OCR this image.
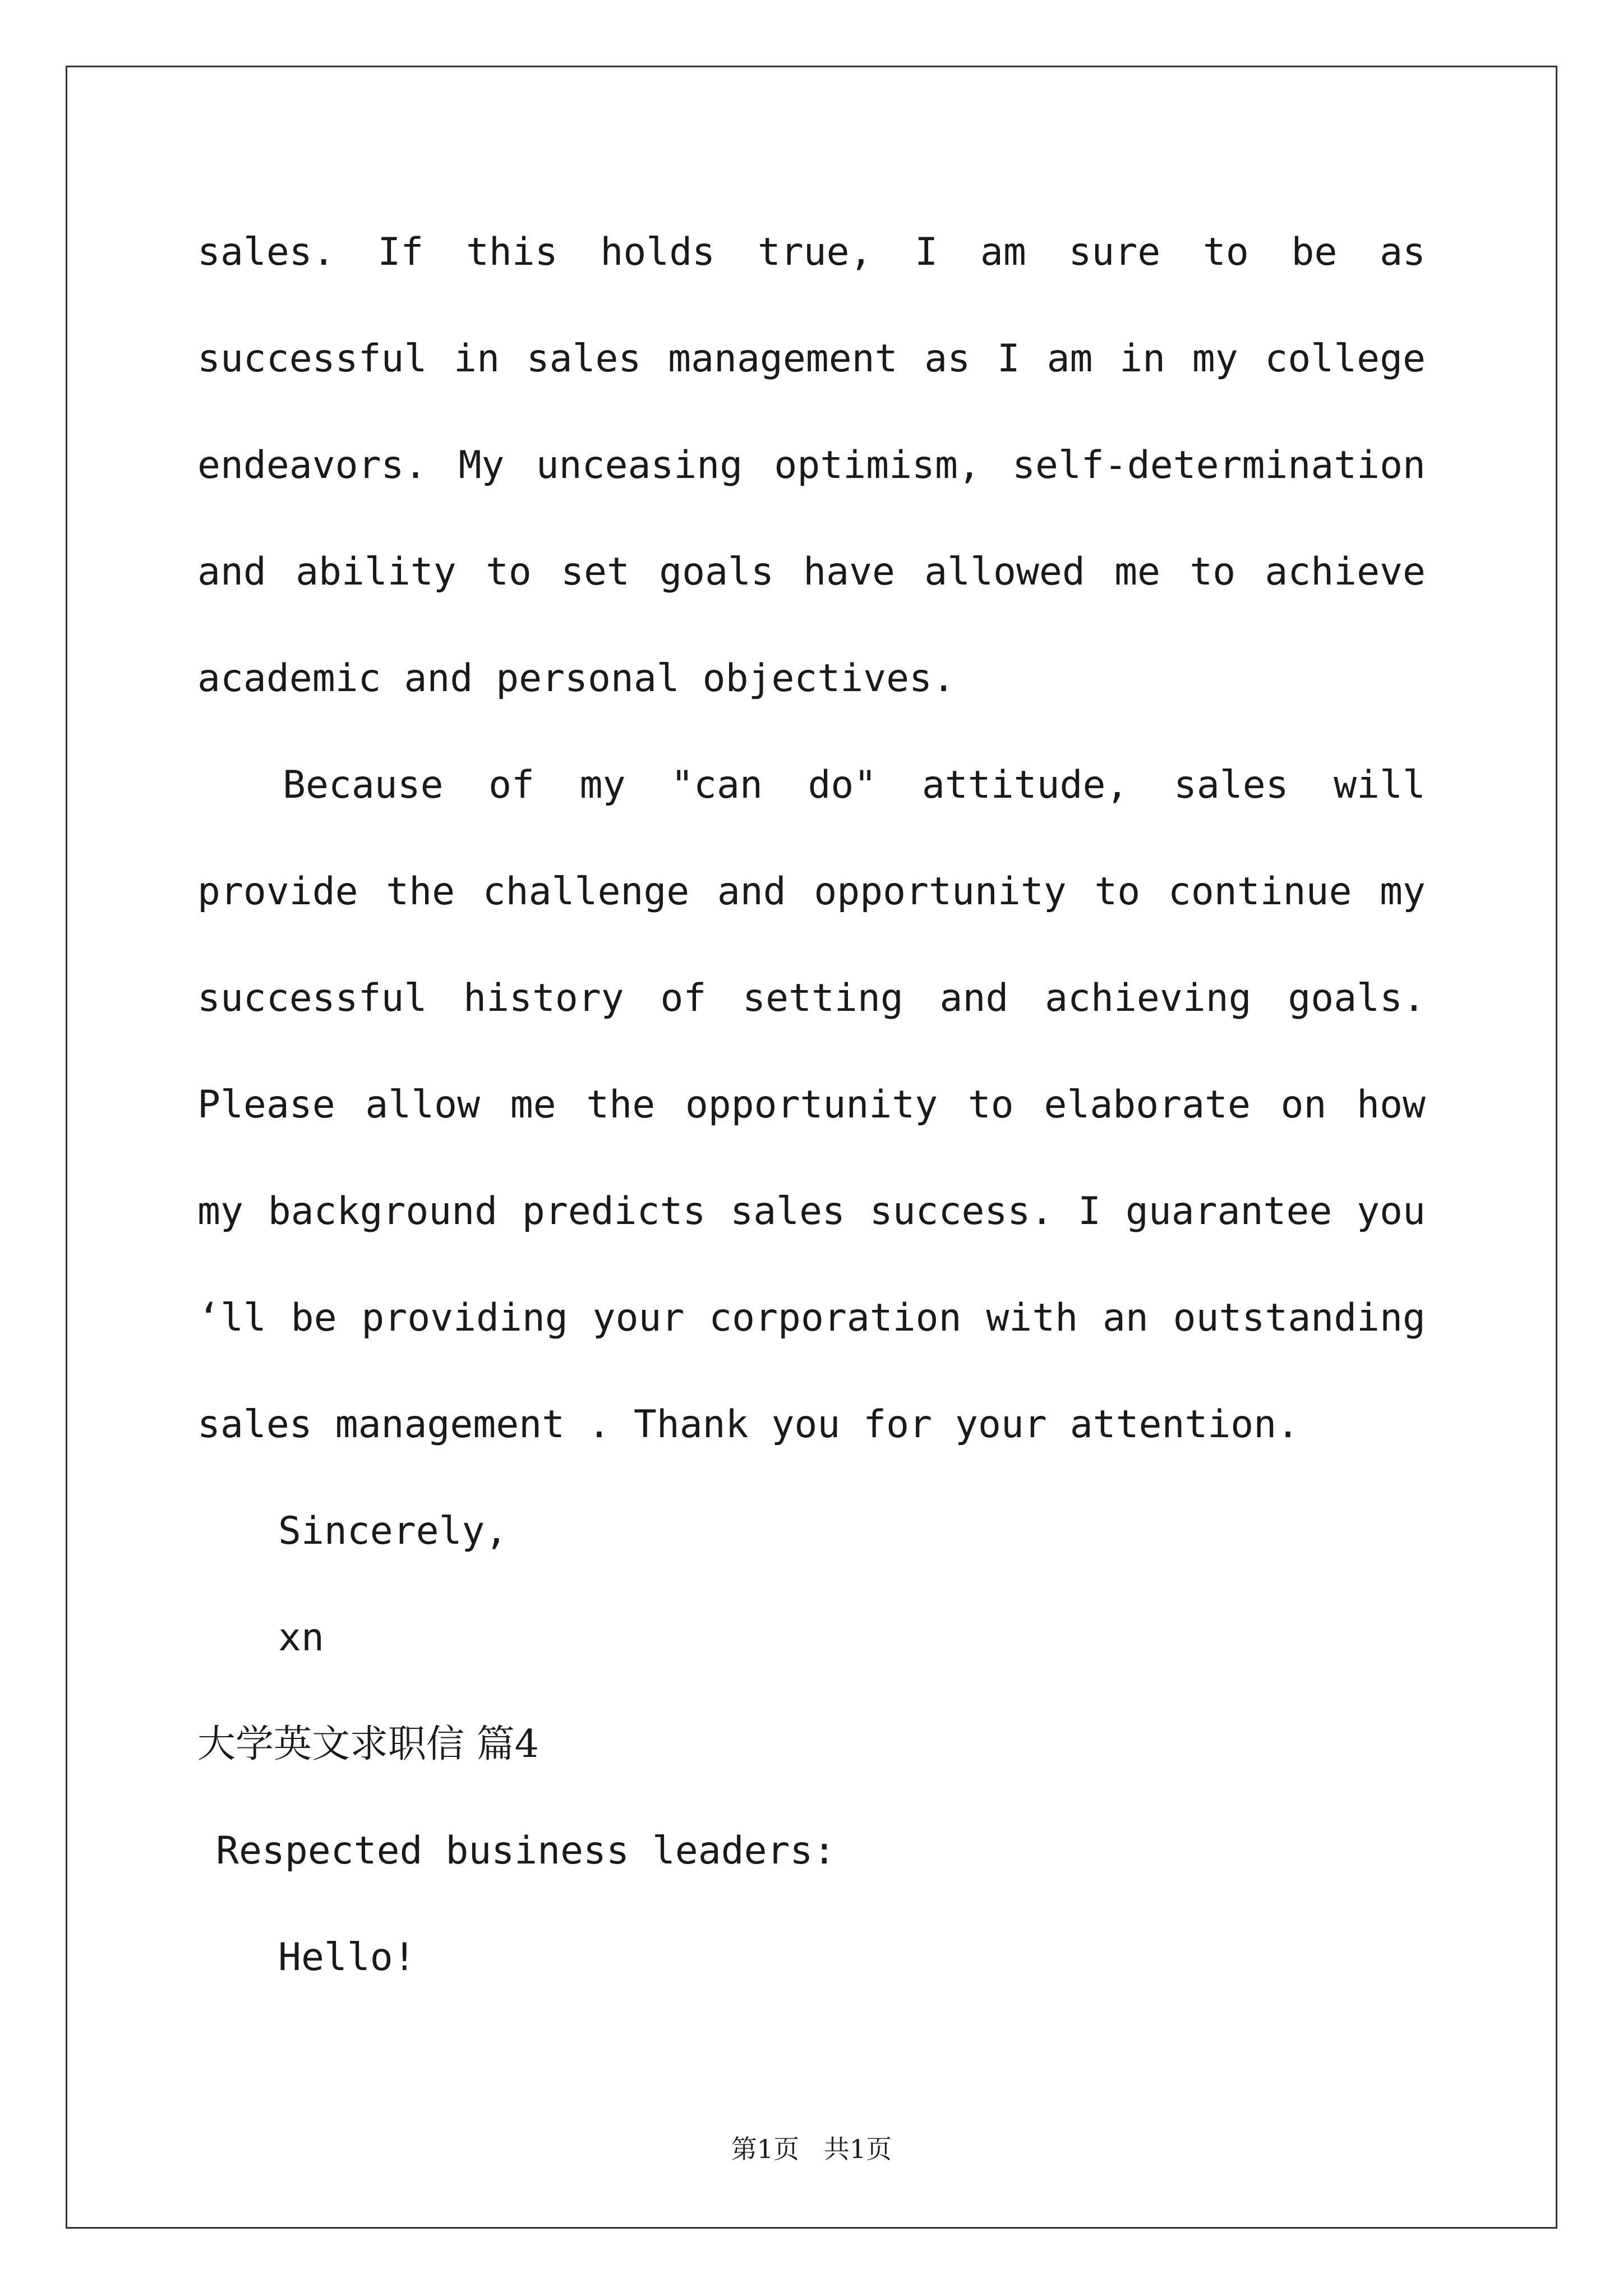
sales. If this holds true, I am sure to be as successful in sales management as I am in my college endeavors. My unceasing optimism, self-determination and ability to set goals have allowed me to achieve academic and personal objectives.

Because of my "can do" attitude, sales will provide the challenge and opportunity to continue my successful history of setting and achieving goals. Please allow me the opportunity to elaborate on how my background predicts sales success. I guarantee you ‘ll be providing your corporation with an outstanding sales management . Thank you for your attention.

Sincerely,
xn
大学英文求职信 篇4
Respected business leaders:
Hello!
第1页   共1页
